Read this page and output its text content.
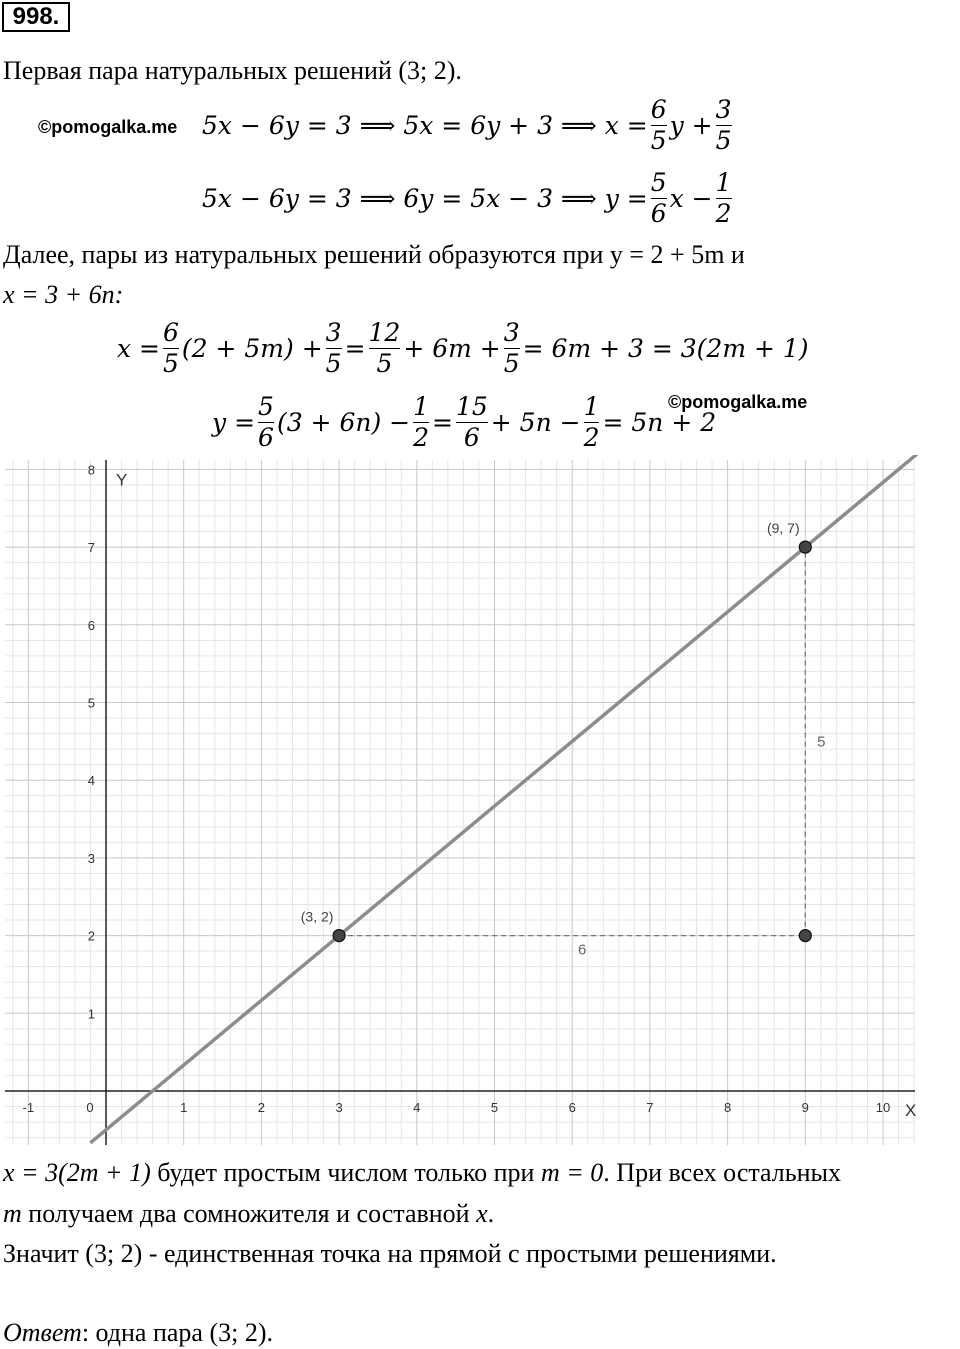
998.
Первая пара натуральных решений (3; 2).
©pomogalka.me 5x − 6y = 3 ⟹ 5x = 6y + 3 ⟹ $x = \frac{6}{5}$ $y + \frac{3}{5}$
5x − 6y = 3 ⟹ 6y = 5x − 3 ⟹ $y = \frac{5}{6}$ $x - \frac{1}{2}$
Далее, пары из натуральных решений образуются при y = 2 + 5m и
x = 3 + 6n:
$x = \frac{6}{5} (2 + 5m) + \frac{3}{5} = \frac{12}{5} + 6m + \frac{3}{5} = 6m + 3 = 3(2m + 1)$
©pomogalka.me
$y = \frac{5}{6} (3 + 6n) - \frac{1}{2} = \frac{15}{6} + 5n - \frac{1}{2} = 5n + 2$
-1	0	1	2	3	4	5	6	7	8	9	10
1
2
3
4
5
6
7
8
X
Y
(3, 2)
(9, 7)
6
5
x = 3(2m + 1) будет простым числом только при m = 0. При всех остальных
m получаем два сомножителя и составной x.
Значит (3; 2) - единственная точка на прямой с простыми решениями.
Ответ: одна пара (3; 2).
